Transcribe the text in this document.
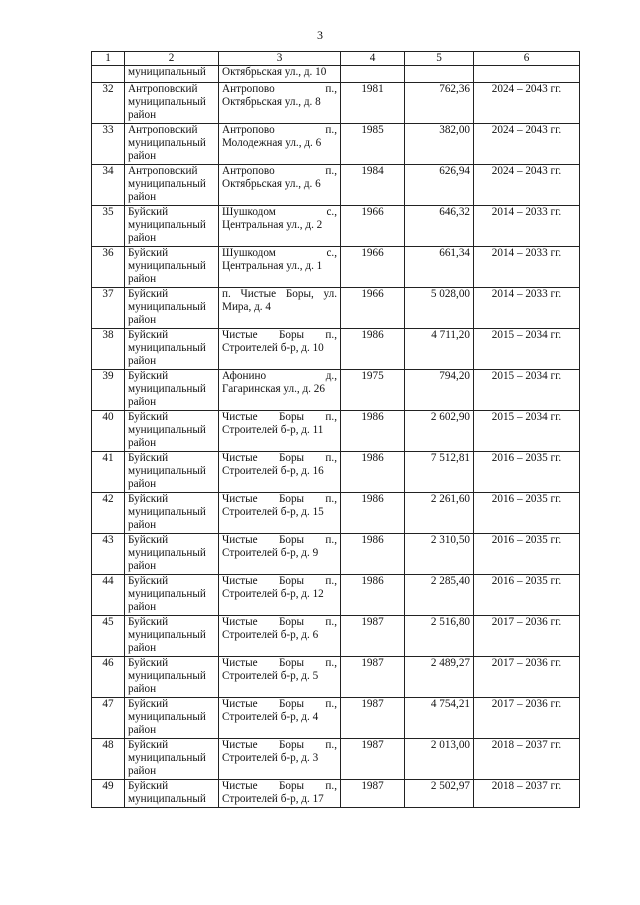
3
1	2	3	4	5	6

	муниципальный	Октябрьская ул., д. 10			

32	Антроповский
муниципальный
район	Антропово п.,
Октябрьская ул., д. 8	1981	762,36	2024 – 2043 гг.
33	Антроповский
муниципальный
район	Антропово п.,
Молодежная ул., д. 6	1985	382,00	2024 – 2043 гг.
34	Антроповский
муниципальный
район	Антропово п.,
Октябрьская ул., д. 6	1984	626,94	2024 – 2043 гг.
35	Буйский
муниципальный
район	Шушкодом с.,
Центральная ул., д. 2	1966	646,32	2014 – 2033 гг.
36	Буйский
муниципальный
район	Шушкодом с.,
Центральная ул., д. 1	1966	661,34	2014 – 2033 гг.
37	Буйский
муниципальный
район	п. Чистые Боры, ул.
Мира, д. 4	1966	5 028,00	2014 – 2033 гг.
38	Буйский
муниципальный
район	Чистые Боры п.,
Строителей б-р, д. 10	1986	4 711,20	2015 – 2034 гг.
39	Буйский
муниципальный
район	Афонино д.,
Гагаринская ул., д. 26	1975	794,20	2015 – 2034 гг.
40	Буйский
муниципальный
район	Чистые Боры п.,
Строителей б-р, д. 11	1986	2 602,90	2015 – 2034 гг.
41	Буйский
муниципальный
район	Чистые Боры п.,
Строителей б-р, д. 16	1986	7 512,81	2016 – 2035 гг.
42	Буйский
муниципальный
район	Чистые Боры п.,
Строителей б-р, д. 15	1986	2 261,60	2016 – 2035 гг.
43	Буйский
муниципальный
район	Чистые Боры п.,
Строителей б-р, д. 9	1986	2 310,50	2016 – 2035 гг.
44	Буйский
муниципальный
район	Чистые Боры п.,
Строителей б-р, д. 12	1986	2 285,40	2016 – 2035 гг.
45	Буйский
муниципальный
район	Чистые Боры п.,
Строителей б-р, д. 6	1987	2 516,80	2017 – 2036 гг.
46	Буйский
муниципальный
район	Чистые Боры п.,
Строителей б-р, д. 5	1987	2 489,27	2017 – 2036 гг.
47	Буйский
муниципальный
район	Чистые Боры п.,
Строителей б-р, д. 4	1987	4 754,21	2017 – 2036 гг.
48	Буйский
муниципальный
район	Чистые Боры п.,
Строителей б-р, д. 3	1987	2 013,00	2018 – 2037 гг.
49	Буйский
муниципальный	Чистые Боры п.,
Строителей б-р, д. 17	1987	2 502,97	2018 – 2037 гг.
